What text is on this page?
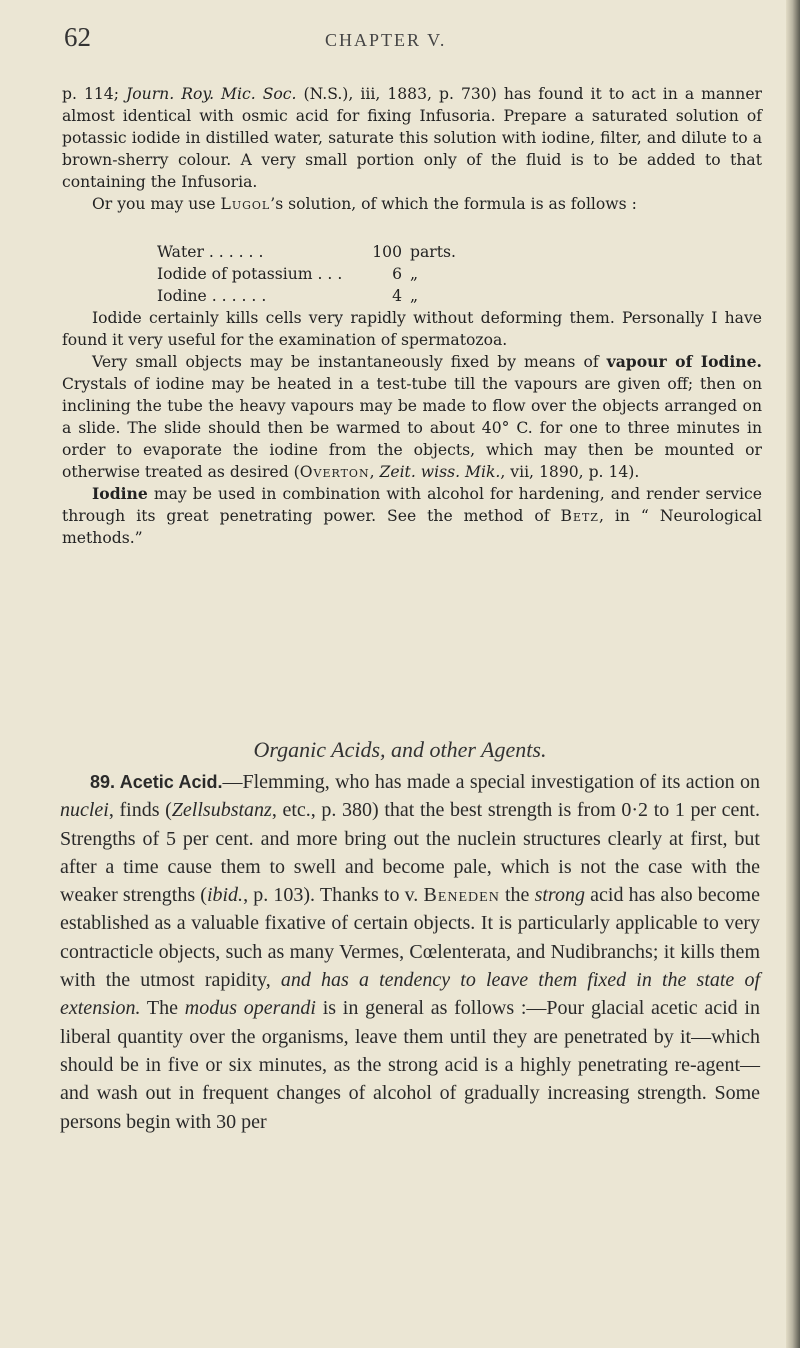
62	CHAPTER V.

p. 114; Journ. Roy. Mic. Soc. (N.S.), iii, 1883, p. 730) has found it to act in a manner almost identical with osmic acid for fixing Infusoria. Prepare a saturated solution of potassic iodide in distilled water, saturate this solution with iodine, filter, and dilute to a brown-sherry colour. A very small portion only of the fluid is to be added to that containing the Infusoria.

Or you may use Lugol’s solution, of which the formula is as follows :

Water . . . . . .	100 parts.
Iodide of potassium . . .	6 „
Iodine . . . . . .	4 „

Iodide certainly kills cells very rapidly without deforming them. Personally I have found it very useful for the examination of spermatozoa.

Very small objects may be instantaneously fixed by means of vapour of Iodine. Crystals of iodine may be heated in a test-tube till the vapours are given off; then on inclining the tube the heavy vapours may be made to flow over the objects arranged on a slide. The slide should then be warmed to about 40° C. for one to three minutes in order to evaporate the iodine from the objects, which may then be mounted or otherwise treated as desired (Overton, Zeit. wiss. Mik., vii, 1890, p. 14).

Iodine may be used in combination with alcohol for hardening, and render service through its great penetrating power. See the method of Betz, in “ Neurological methods.”

Organic Acids, and other Agents.

89. Acetic Acid.—Flemming, who has made a special investigation of its action on nuclei, finds (Zellsubstanz, etc., p. 380) that the best strength is from 0·2 to 1 per cent. Strengths of 5 per cent. and more bring out the nuclein structures clearly at first, but after a time cause them to swell and become pale, which is not the case with the weaker strengths (ibid., p. 103). Thanks to v. Beneden the strong acid has also become established as a valuable fixative of certain objects. It is particularly applicable to very contracticle objects, such as many Vermes, Cœlenterata, and Nudibranchs; it kills them with the utmost rapidity, and has a tendency to leave them fixed in the state of extension. The modus operandi is in general as follows :—Pour glacial acetic acid in liberal quantity over the organisms, leave them until they are penetrated by it—which should be in five or six minutes, as the strong acid is a highly penetrating re-agent—and wash out in frequent changes of alcohol of gradually increasing strength. Some persons begin with 30 per
